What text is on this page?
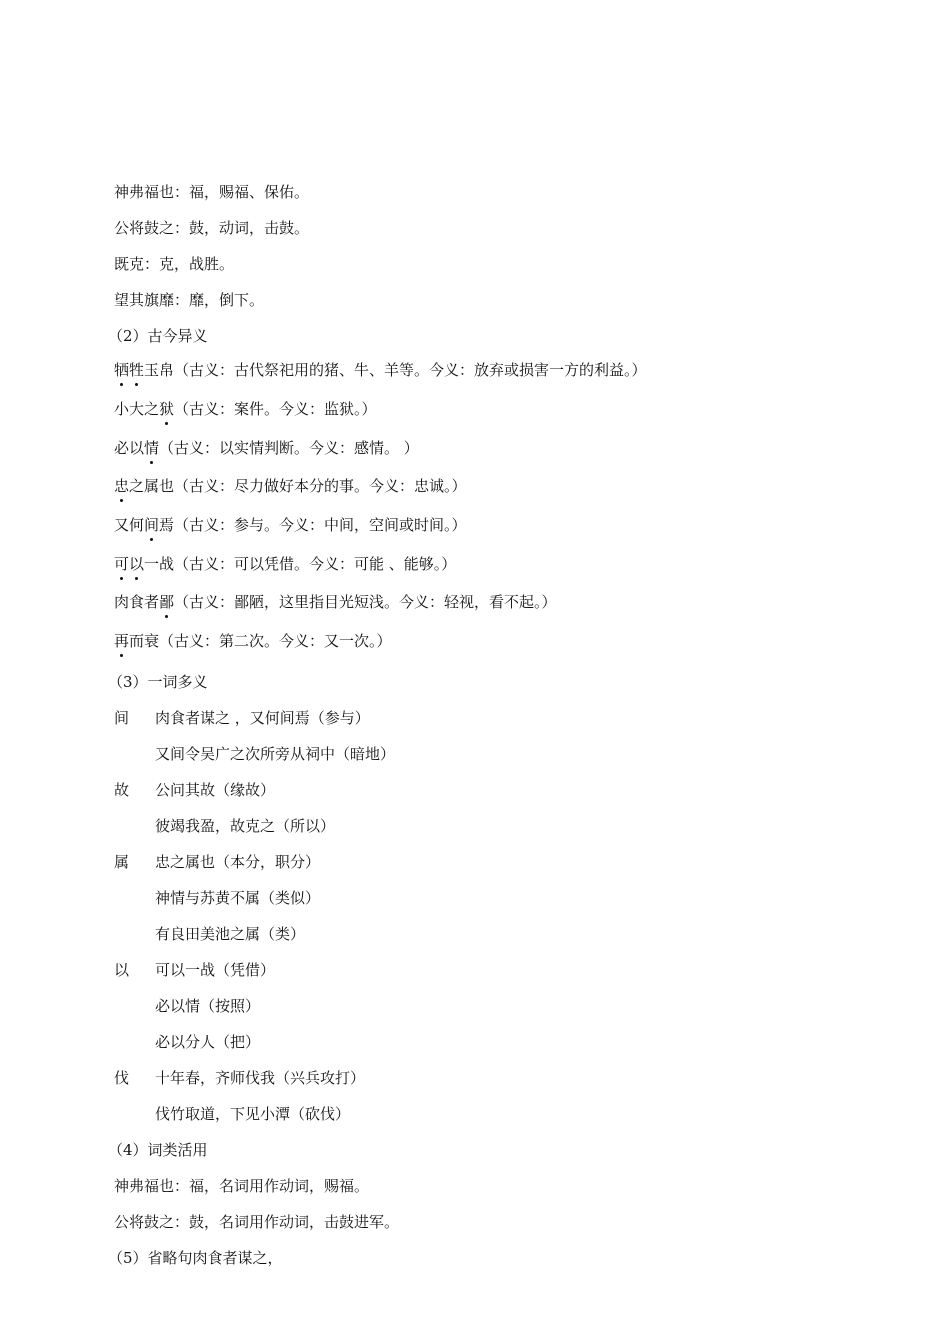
神弗福也：福，赐福、保佑。

公将鼓之：鼓，动词，击鼓。

既克：克，战胜。

望其旗靡：靡，倒下。

（2）古今异义

牺牲玉帛（古义：古代祭祀用的猪、牛、羊等。今义：放弃或损害一方的利益。）

小大之狱（古义：案件。今义：监狱。）

必以情（古义：以实情判断。今义：感情。 ）

忠之属也（古义：尽力做好本分的事。今义：忠诚。）

又何间焉（古义：参与。今义：中间，空间或时间。）

可以一战（古义：可以凭借。今义：可能 、能够。）

肉食者鄙（古义：鄙陋，这里指目光短浅。今义：轻视，看不起。）

再而衰（古义：第二次。今义：又一次。）

（3）一词多义

间	肉食者谋之 ，又何间焉（参与）
又间令吴广之次所旁从祠中（暗地）
故	公问其故（缘故）
彼竭我盈，故克之（所以）
属	忠之属也（本分，职分）
神情与苏黄不属（类似）
有良田美池之属（类）
以	可以一战（凭借）
必以情（按照）
必以分人（把）
伐	十年春，齐师伐我（兴兵攻打）
伐竹取道，下见小潭（砍伐）

（4）词类活用

神弗福也：福，名词用作动词，赐福。

公将鼓之：鼓，名词用作动词，击鼓进军。

（5）省略句肉食者谋之，
